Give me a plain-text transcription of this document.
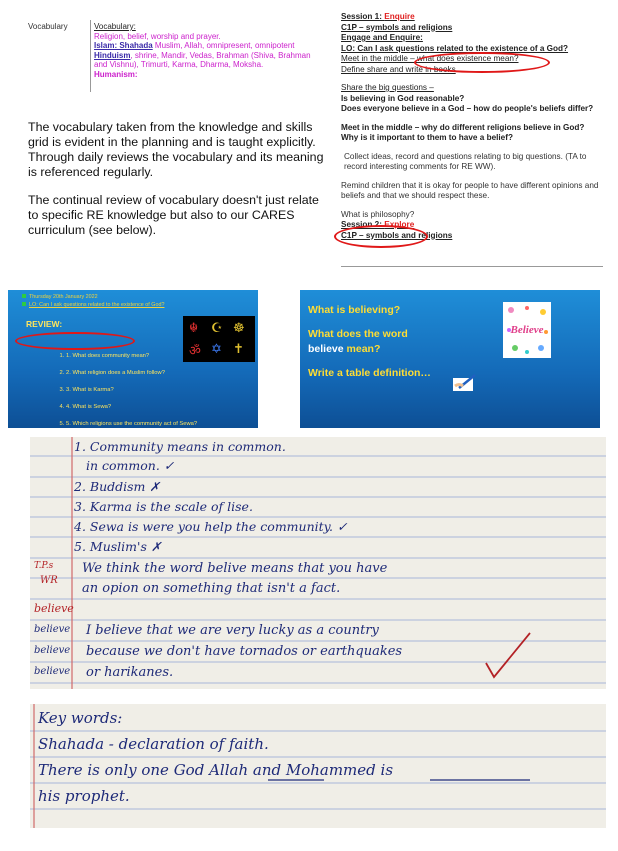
Vocabulary	Vocabulary:
Religion, belief, worship and prayer.
Islam: Shahada Muslim, Allah, omnipresent, omnipotent
Hinduism, shrine, Mandir, Vedas, Brahman (Shiva, Brahman and Vishnu), Trimurti, Karma, Dharma, Moksha.
Humanism:

The vocabulary taken from the knowledge and skills grid is evident in the planning and is taught explicitly.

Through daily reviews the vocabulary and its meaning is referenced regularly.

The continual review of vocabulary doesn't just relate to specific RE knowledge but also to our CARES curriculum (see below).

Session 1: Enquire
C1P – symbols and religions
Engage and Enquire:
LO: Can I ask questions related to the existence of a God?
Meet in the middle – what does existence mean?
Define share and write in books
Share the big questions –
Is believing in God reasonable?
Does everyone believe in a God – how do people's beliefs differ?
Meet in the middle – why do different religions believe in God?
Why is it important to them to have a belief?
Collect ideas, record and questions relating to big questions. (TA to record interesting comments for RE WW).
Remind children that it is okay for people to have different opinions and beliefs and that we should respect these.
What is philosophy?
Session 2: Explore
C1P – symbols and religions
Thursday 20th January 2022
LO: Can I ask questions related to the existence of God?
REVIEW:
1. 1. What does community mean?
2. 2. What religion does a Muslim follow?
3. 3. What is Karma?
4. 4. What is Sewa?
5. 5. Which religions use the community act of Sewa?
☬ ☪ ☸
ॐ ✡ ✝
What is believing?
What does the word
believe mean?
Write a table definition…
Believe
1. Community means in common.
in common. ✓
2. Buddism ✗
3. Karma is the scale of lise.
4. Sewa is were you help the community. ✓
5. Muslim's ✗
T.P.s
WR
We think the word belive means that you have
an opion on something that isn't a fact.
believe
believe
believe
believe
I believe that we are very lucky as a country
because we don't have tornados or earthquakes
or harikanes.
Key words:
Shahada - declaration of faith.
There is only one God Allah and Mohammed is
his prophet.
